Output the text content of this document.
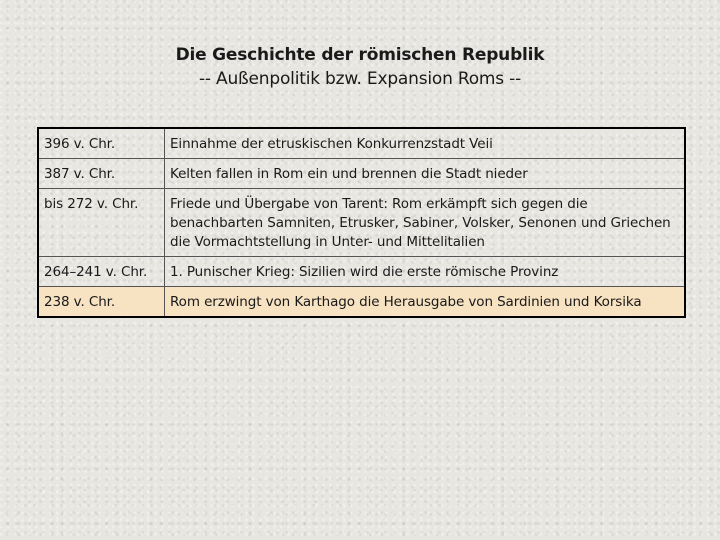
Die Geschichte der römischen Republik

-- Außenpolitik bzw. Expansion Roms --

396 v. Chr.	Einnahme der etruskischen Konkurrenzstadt Veii
387 v. Chr.	Kelten fallen in Rom ein und brennen die Stadt nieder
bis 272 v. Chr.	Friede und Übergabe von Tarent: Rom erkämpft sich gegen die benachbarten Samniten, Etrusker, Sabiner, Volsker, Senonen und Griechen die Vormachtstellung in Unter- und Mittelitalien
264–241 v. Chr.	1. Punischer Krieg: Sizilien wird die erste römische Provinz
238 v. Chr.	Rom erzwingt von Karthago die Herausgabe von Sardinien und Korsika
